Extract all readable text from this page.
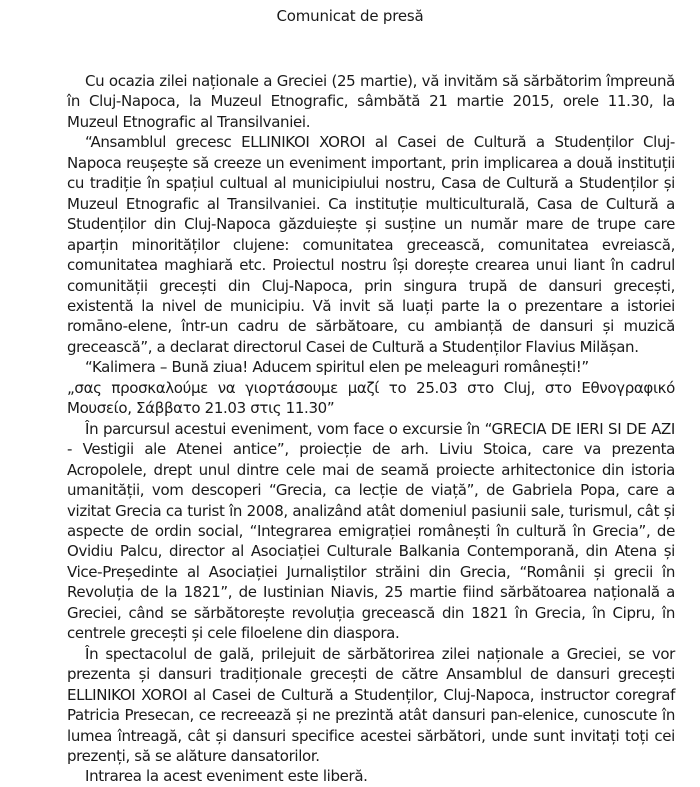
Comunicat de presă

Cu ocazia zilei naționale a Greciei (25 martie), vă invităm să sărbătorim împreună în Cluj-Napoca, la Muzeul Etnografic, sâmbătă 21 martie 2015, orele 11.30, la Muzeul Etnografic al Transilvaniei.

“Ansamblul grecesc ELLINIKOI XOROI al Casei de Cultură a Studenților Cluj-Napoca reușește să creeze un eveniment important, prin implicarea a două instituții cu tradiție în spațiul cultual al municipiului nostru, Casa de Cultură a Studenților și Muzeul Etnografic al Transilvaniei. Ca instituție multiculturală, Casa de Cultură a Studenților din Cluj-Napoca găzduiește și susține un număr mare de trupe care aparțin minorităților clujene: comunitatea grecească, comunitatea evreiască, comunitatea maghiară etc. Proiectul nostru își dorește crearea unui liant în cadrul comunității grecești din Cluj-Napoca, prin singura trupă de dansuri grecești, existentă la nivel de municipiu. Vă invit să luați parte la o prezentare a istoriei romāno-elene, într-un cadru de sărbătoare, cu ambianță de dansuri și muzică grecească”, a declarat directorul Casei de Cultură a Studenților Flavius Milășan.

“Kalimera – Bună ziua! Aducem spiritul elen pe meleaguri românești!”

„σας προσκαλούμε να γιορτάσουμε μαζί το 25.03 στο Cluj, στο Εθνογραφικό Μουσείο, Σάββατο 21.03 στις 11.30”

În parcursul acestui eveniment, vom face o excursie în “GRECIA DE IERI SI DE AZI - Vestigii ale Atenei antice”, proiecție de arh. Liviu Stoica, care va prezenta Acropolele, drept unul dintre cele mai de seamă proiecte arhitectonice din istoria umanității, vom descoperi “Grecia, ca lecție de viață”, de Gabriela Popa, care a vizitat Grecia ca turist în 2008, analizând atât domeniul pasiunii sale, turismul, cât și aspecte de ordin social, “Integrarea emigrației românești în cultură în Grecia”, de Ovidiu Palcu, director al Asociației Culturale Balkania Contemporană, din Atena și Vice-Președinte al Asociației Jurnaliștilor străini din Grecia, “Românii și grecii în Revoluția de la 1821”, de Iustinian Niavis, 25 martie fiind sărbătoarea națională a Greciei, când se sărbătorește revoluția grecească din 1821 în Grecia, în Cipru, în centrele grecești și cele filoelene din diaspora.

În spectacolul de gală, prilejuit de sărbătorirea zilei naționale a Greciei, se vor prezenta și dansuri tradiționale grecești de către Ansamblul de dansuri grecești ELLINIKOI XOROI al Casei de Cultură a Studenților, Cluj-Napoca, instructor coregraf Patricia Presecan, ce recreează și ne prezintă atât dansuri pan-elenice, cunoscute în lumea întreagă, cât și dansuri specifice acestei sărbători, unde sunt invitați toți cei prezenți, să se alăture dansatorilor.

Intrarea la acest eveniment este liberă.
